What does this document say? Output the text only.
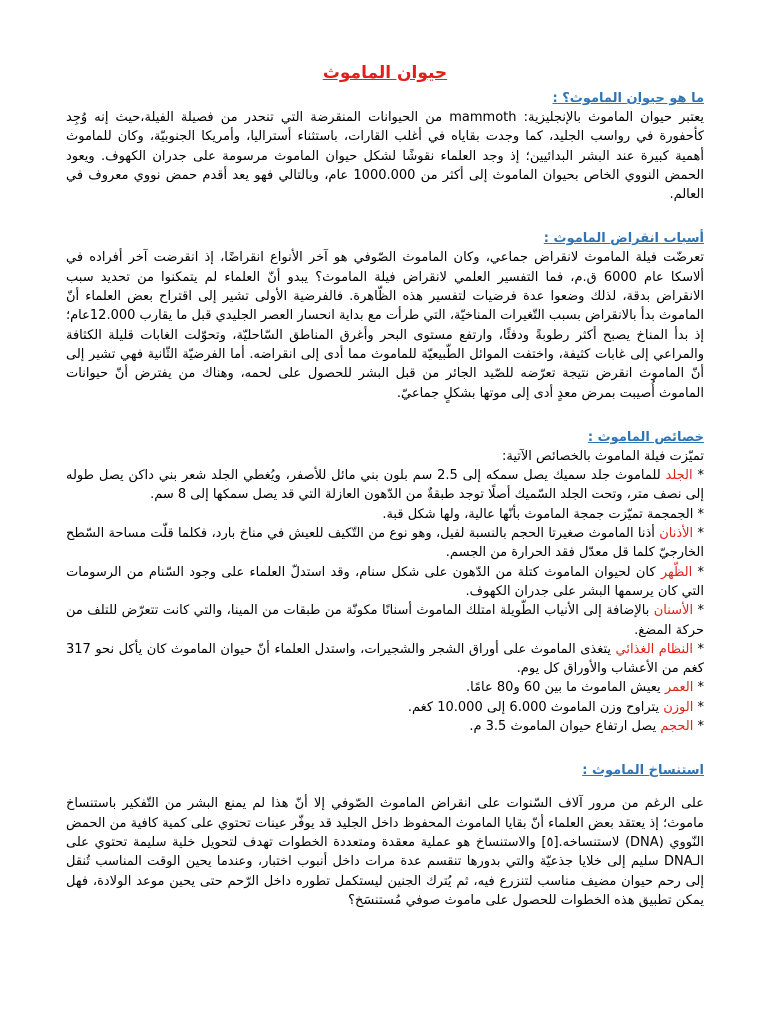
حيوان الماموث
ما هو حيوان الماموث؟ :

يعتبر حيوان الماموث بالإنجليزية: mammoth من الحيوانات المنقرضة التي تنحدر من فصيلة الفيلة،حيث إنه وُجِد كأحفورة في رواسب الجليد، كما وجدت بقاياه في أغلب القارات، باستثناء أستراليا، وأمريكا الجنوبيّة، وكان للماموث أهمية كبيرة عند البشر البدائيين؛ إذ وجد العلماء نقوشًا لشكل حيوان الماموث مرسومة على جدران الكهوف. ويعود الحمض النووي الخاص بحيوان الماموث إلى أكثر من 1000.000 عام، وبالتالي فهو يعد أقدم حمض نووي معروف في العالم.

أسباب انقراض الماموث :

تعرضّت فيلة الماموث لانقراض جماعي، وكان الماموث الصّوفي هو آخر الأنواع انقراضًا، إذ انقرضت آخر أفراده في ألاسكا عام 6000 ق.م، فما التفسير العلمي لانقراض فيلة الماموث؟ يبدو أنّ العلماء لم يتمكنوا من تحديد سبب الانقراض بدقة، لذلك وضعوا عدة فرضيات لتفسير هذه الظّاهرة. فالفرضية الأولى تشير إلى اقتراح بعض العلماء أنّ الماموث بدأ بالانقراض بسبب التّغيرات المناخيّة، التي طرأت مع بداية انحسار العصر الجليدي قبل ما يقارب 12.000عام؛ إذ بدأ المناخ يصبح أكثر رطوبةً ودفئًا، وارتفع مستوى البحر وأغرق المناطق السّاحليّة، وتحوّلت الغابات قليلة الكثافة والمراعي إلى غابات كثيفة، واختفت الموائل الطّبيعيّة للماموث مما أدى إلى انقراضه. أما الفرضيّة الثّانية فهي تشير إلى أنّ الماموث انقرض نتيجة تعرّضه للصّيد الجائر من قبل البشر للحصول على لحمه، وهناك من يفترض أنّ حيوانات الماموث أُصيبت بمرض معدٍ أدى إلى موتها بشكلٍ جماعيّ.

خصائص الماموث :

تميّزت فيلة الماموث بالخصائص الآتية:

* الجلد للماموث جلد سميك يصل سمكه إلى 2.5 سم بلون بني مائل للأصفر، ويُغطي الجلد شعر بني داكن يصل طوله إلى نصف متر، وتحت الجلد السّميك أصلًا توجد طبقةٌ من الدّهون العازلة التي قد يصل سمكها إلى 8 سم.
* الجمجمة تميّزت جمجة الماموث بأنّها عالية، ولها شكل قبة.
* الأذنان أذنا الماموث صغيرتا الحجم بالنسبة لفيل، وهو نوع من التّكيف للعيش في مناخ بارد، فكلما قلّت مساحة السّطح الخارجيّ كلما قل معدّل فقد الحرارة من الجسم.
* الظّهر كان لحيوان الماموث كتلة من الدّهون على شكل سنام، وقد استدلّ العلماء على وجود السّنام من الرسومات التي كان يرسمها البشر على جدران الكهوف.
* الأسنان بالإضافة إلى الأنياب الطّويلة امتلك الماموث أسنانًا مكونّة من طبقات من المينا، والتي كانت تتعرّض للتلف من حركة المضغ.
* النظام الغذائي يتغذى الماموث على أوراق الشجر والشجيرات، واستدل العلماء أنّ حيوان الماموث كان يأكل نحو 317 كغم من الأعشاب والأوراق كل يوم.
* العمر يعيش الماموث ما بين 60 و80 عامًا.
* الوزن يتراوح وزن الماموث 6.000 إلى 10.000 كغم.
* الحجم يصل ارتفاع حيوان الماموث 3.5 م.
استنساخ الماموث :

على الرغم من مرور آلاف السّنوات على انقراض الماموث الصّوفي إلا أنّ هذا لم يمنع البشر من التّفكير باستنساخ ماموث؛ إذ يعتقد بعض العلماء أنّ بقايا الماموث المحفوظ داخل الجليد قد يوفّر عينات تحتوي على كمية كافية من الحمض النّووي (DNA) لاستنساخه.[٥] والاستنساخ هو عملية معقدة ومتعددة الخطوات تهدف لتحويل خلية سليمة تحتوي على الـDNA سليم إلى خلايا جذعيّة والتي بدورها تنقسم عدة مرات داخل أنبوب اختبار، وعندما يحين الوقت المناسب تُنقل إلى رحم حيوان مضيف مناسب لتنزرع فيه، ثم يُترك الجنين ليستكمل تطوره داخل الرّحم حتى يحين موعد الولادة، فهل يمكن تطبيق هذه الخطوات للحصول على ماموث صوفي مُستنسَخ؟
